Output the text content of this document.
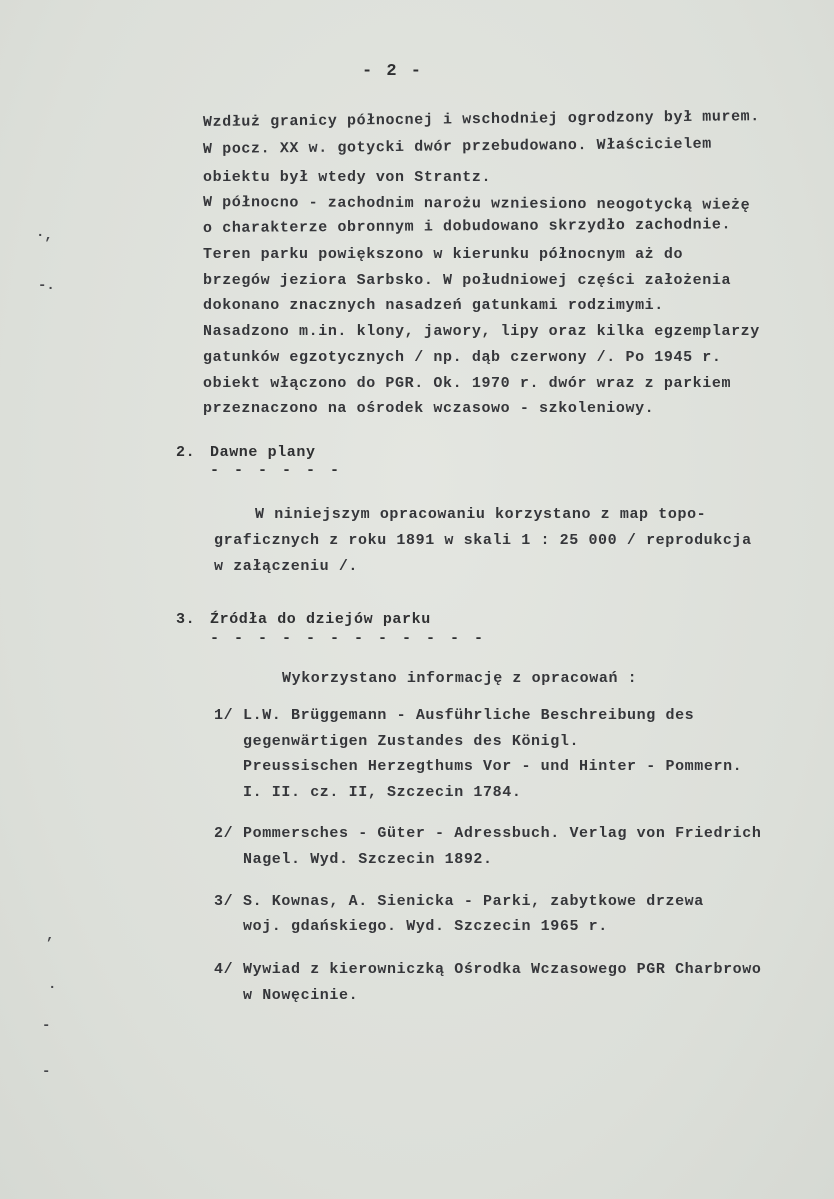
- 2 -
Wzdłuż granicy północnej i wschodniej ogrodzony był murem.
W pocz. XX w. gotycki dwór przebudowano. Właścicielem
obiektu był wtedy von Strantz.
W północno - zachodnim narożu wzniesiono neogotycką wieżę
o charakterze obronnym i dobudowano skrzydło zachodnie.
Teren parku powiększono w kierunku północnym aż do
brzegów jeziora Sarbsko. W południowej części założenia
dokonano znacznych nasadzeń gatunkami rodzimymi.
Nasadzono m.in. klony, jawory, lipy oraz kilka egzemplarzy
gatunków egzotycznych / np. dąb czerwony /. Po 1945 r.
obiekt włączono do PGR. Ok. 1970 r. dwór wraz z parkiem
przeznaczono na ośrodek wczasowo - szkoleniowy.
2. Dawne plany
- - - - - -
W niniejszym opracowaniu korzystano z map topo-
graficznych z roku 1891 w skali 1 : 25 000 / reprodukcja
w załączeniu /.
3. Źródła do dziejów parku
- - - - - - - - - - - -
Wykorzystano informację z opracowań :
1/ L.W. Brüggemann - Ausführliche Beschreibung des
gegenwärtigen Zustandes des Königl.
Preussischen Herzegthums Vor - und Hinter - Pommern.
I. II. cz. II, Szczecin 1784.
2/ Pommersches - Güter - Adressbuch. Verlag von Friedrich
Nagel. Wyd. Szczecin 1892.
3/ S. Kownas, A. Sienicka - Parki, zabytkowe drzewa
woj. gdańskiego. Wyd. Szczecin 1965 r.
4/ Wywiad z kierowniczką Ośrodka Wczasowego PGR Charbrowo
w Nowęcinie.
·,
-.
,
·
-
-
